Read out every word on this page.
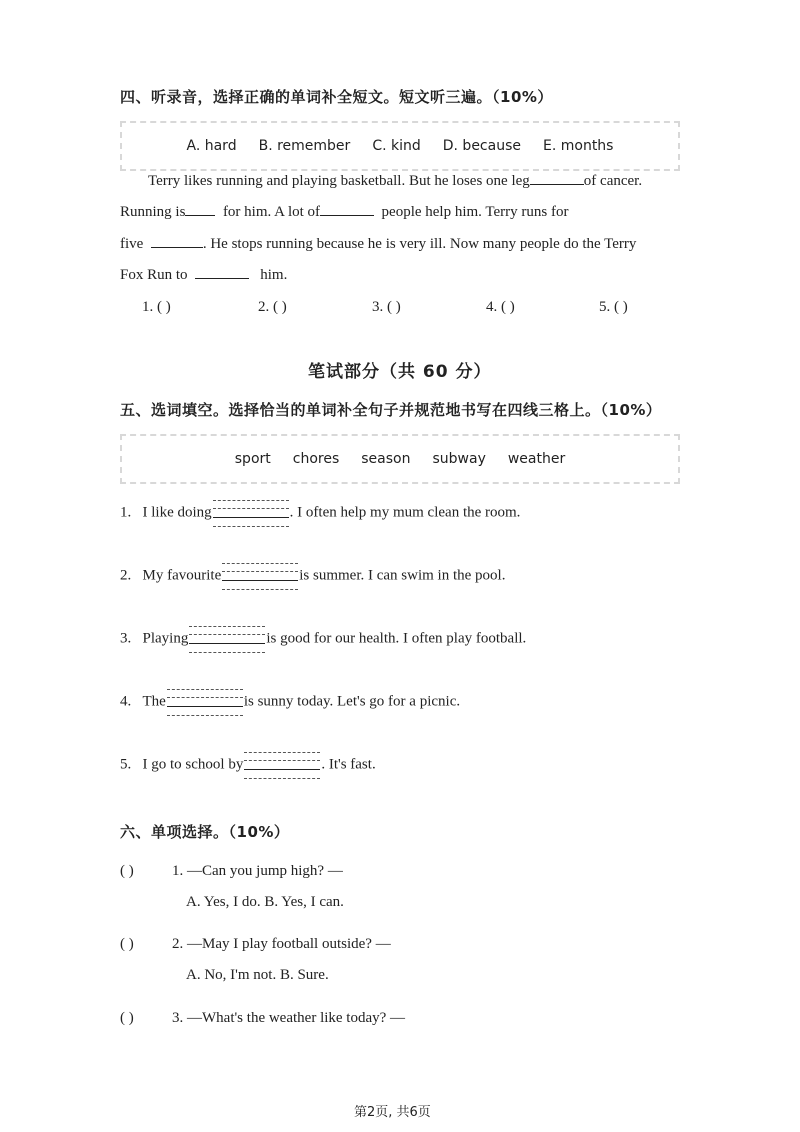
四、听录音，选择正确的单词补全短文。短文听三遍。（10%）
A. hard B. remember C. kind D. because E. months
Terry likes running and playing basketball. But he loses one leg	of cancer.
Running is	for him. A lot of	people help him. Terry runs for
five	. He stops running because he is very ill. Now many people do the Terry
Fox Run to	him.
1. ( )	2. ( )	3. ( )	4. ( )	5. ( )
笔试部分（共 60 分）
五、选词填空。选择恰当的单词补全句子并规范地书写在四线三格上。（10%）
sport chores season subway weather
1. I like doing	. I often help my mum clean the room.
2. My favourite	is summer. I can swim in the pool.
3. Playing	is good for our health. I often play football.
4. The	is sunny today. Let's go for a picnic.
5. I go to school by	. It's fast.
六、单项选择。（10%）
( )	1. —Can you jump high? —
A. Yes, I do. B. Yes, I can.
( )	2. —May I play football outside? —
A. No, I'm not. B. Sure.
( )	3. —What's the weather like today? —
第2页, 共6页
